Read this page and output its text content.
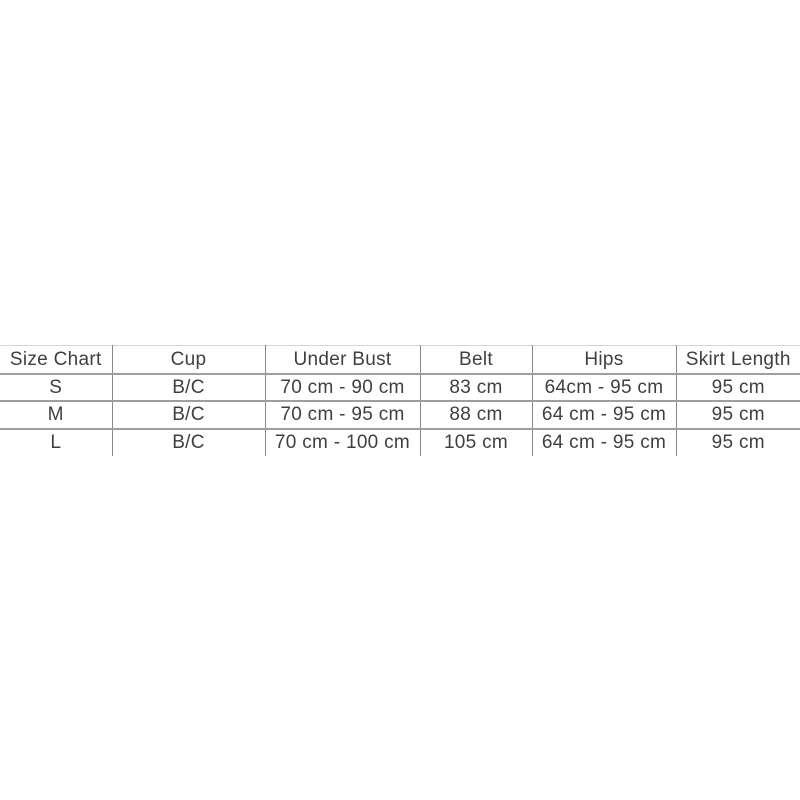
Size Chart	Cup	Under Bust	Belt	Hips	Skirt Length
S	B/C	70 cm - 90 cm	83 cm	64cm - 95 cm	95 cm
M	B/C	70 cm - 95 cm	88 cm	64 cm - 95 cm	95 cm
L	B/C	70 cm - 100 cm	105 cm	64 cm - 95 cm	95 cm
